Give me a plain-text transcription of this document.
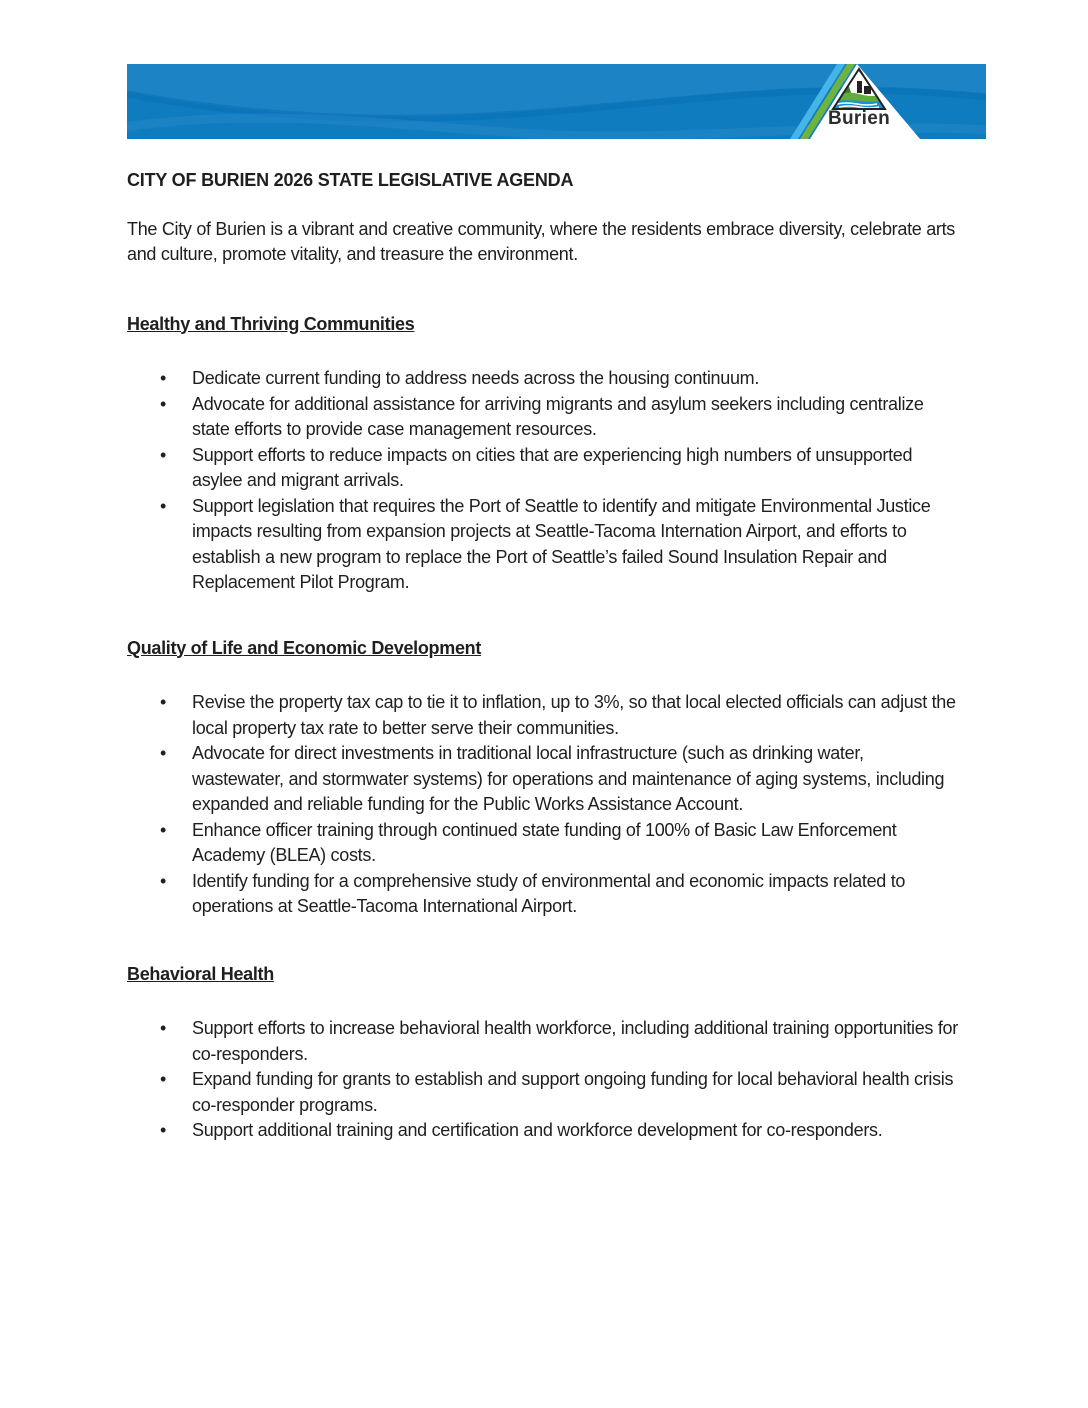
Burien
CITY OF BURIEN 2026 STATE LEGISLATIVE AGENDA

The City of Burien is a vibrant and creative community, where the residents embrace diversity, celebrate arts and culture, promote vitality, and treasure the environment.

Healthy and Thriving Communities
• Dedicate current funding to address needs across the housing continuum.
• Advocate for additional assistance for arriving migrants and asylum seekers including centralize state efforts to provide case management resources.
• Support efforts to reduce impacts on cities that are experiencing high numbers of unsupported asylee and migrant arrivals.
• Support legislation that requires the Port of Seattle to identify and mitigate Environmental Justice impacts resulting from expansion projects at Seattle-Tacoma Internation Airport, and efforts to establish a new program to replace the Port of Seattle’s failed Sound Insulation Repair and Replacement Pilot Program.
Quality of Life and Economic Development
• Revise the property tax cap to tie it to inflation, up to 3%, so that local elected officials can adjust the local property tax rate to better serve their communities.
• Advocate for direct investments in traditional local infrastructure (such as drinking water, wastewater, and stormwater systems) for operations and maintenance of aging systems, including expanded and reliable funding for the Public Works Assistance Account.
• Enhance officer training through continued state funding of 100% of Basic Law Enforcement Academy (BLEA) costs.
• Identify funding for a comprehensive study of environmental and economic impacts related to operations at Seattle-Tacoma International Airport.
Behavioral Health
• Support efforts to increase behavioral health workforce, including additional training opportunities for co-responders.
• Expand funding for grants to establish and support ongoing funding for local behavioral health crisis co-responder programs.
• Support additional training and certification and workforce development for co-responders.
